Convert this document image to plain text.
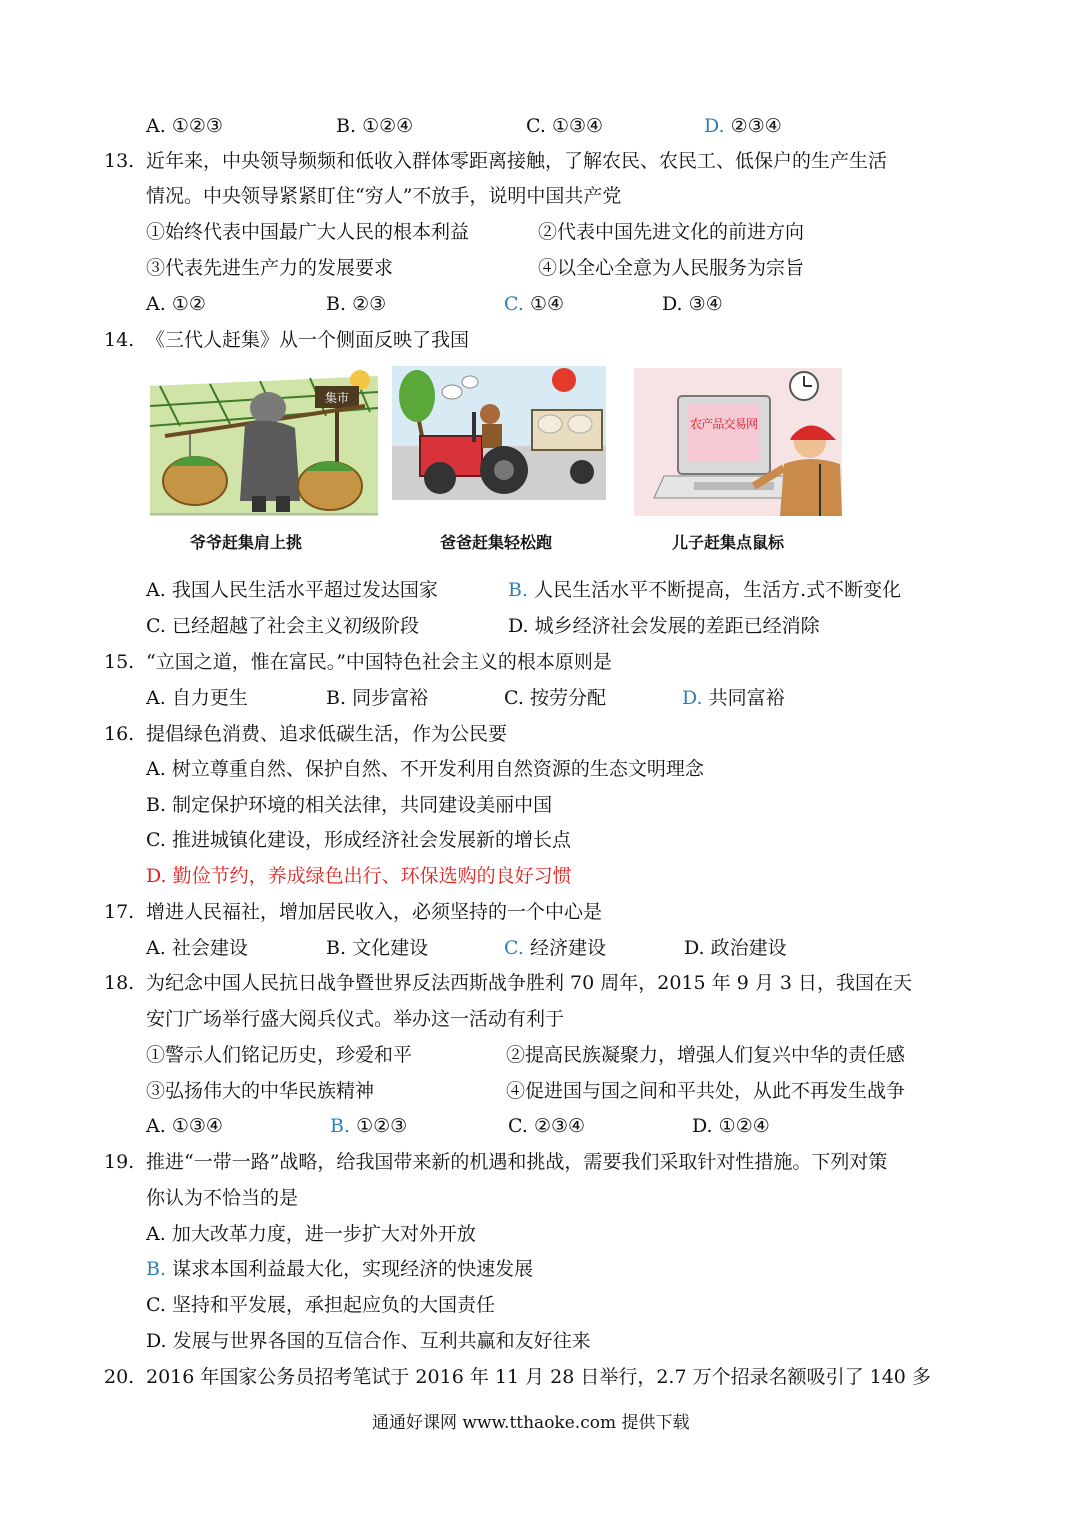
A. ①②③	B. ①②④	C. ①③④	D. ②③④
13. 近年来，中央领导频频和低收入群体零距离接触，了解农民、农民工、低保户的生产生活
情况。中央领导紧紧盯住“穷人”不放手，说明中国共产党
①始终代表中国最广大人民的根本利益	②代表中国先进文化的前进方向
③代表先进生产力的发展要求	④以全心全意为人民服务为宗旨
A. ①②	B. ②③	C. ①④	D. ③④
14. 《三代人赶集》从一个侧面反映了我国
集市
农产品交易网
爷爷赶集肩上挑	爸爸赶集轻松跑	儿子赶集点鼠标
A. 我国人民生活水平超过发达国家	B. 人民生活水平不断提高，生活方.式不断变化
C. 已经超越了社会主义初级阶段	D. 城乡经济社会发展的差距已经消除
15. “立国之道，惟在富民。”中国特色社会主义的根本原则是
A. 自力更生	B. 同步富裕	C. 按劳分配	D. 共同富裕
16. 提倡绿色消费、追求低碳生活，作为公民要
A. 树立尊重自然、保护自然、不开发利用自然资源的生态文明理念
B. 制定保护环境的相关法律，共同建设美丽中国
C. 推进城镇化建设，形成经济社会发展新的增长点
D. 勤俭节约，养成绿色出行、环保选购的良好习惯
17. 增进人民福社，增加居民收入，必须坚持的一个中心是
A. 社会建设	B. 文化建设	C. 经济建设	D. 政治建设
18. 为纪念中国人民抗日战争暨世界反法西斯战争胜利 70 周年，2015 年 9 月 3 日，我国在天
安门广场举行盛大阅兵仪式。举办这一活动有利于
①警示人们铭记历史，珍爱和平	②提高民族凝聚力，增强人们复兴中华的责任感
③弘扬伟大的中华民族精神	④促进国与国之间和平共处，从此不再发生战争
A. ①③④	B. ①②③	C. ②③④	D. ①②④
19. 推进“一带一路”战略，给我国带来新的机遇和挑战，需要我们采取针对性措施。下列对策
你认为不恰当的是
A. 加大改革力度，进一步扩大对外开放
B. 谋求本国利益最大化，实现经济的快速发展
C. 坚持和平发展，承担起应负的大国责任
D. 发展与世界各国的互信合作、互利共赢和友好往来
20. 2016 年国家公务员招考笔试于 2016 年 11 月 28 日举行，2.7 万个招录名额吸引了 140 多
通通好课网 www.tthaoke.com 提供下载
